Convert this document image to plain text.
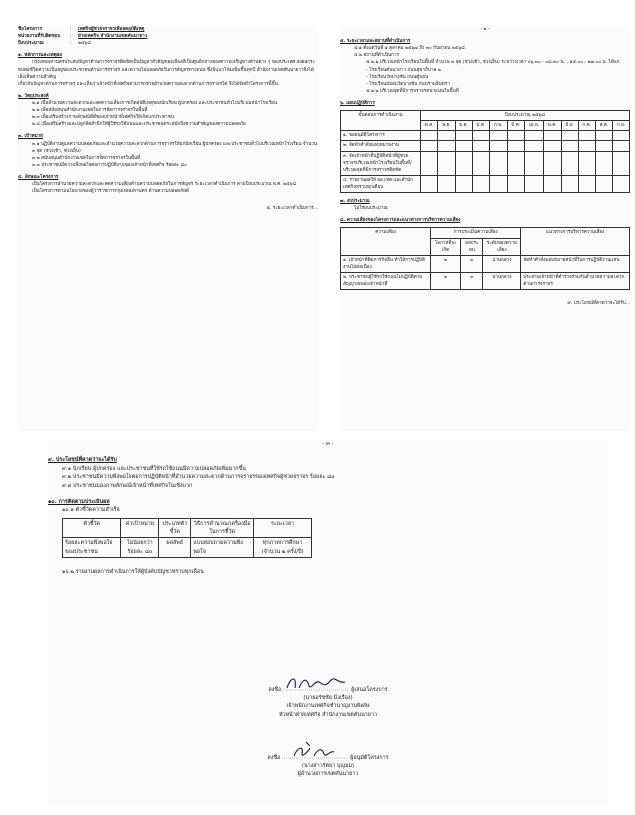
ชื่อโครงการ	:	เทศกิจผู้ช่วยจราจรเพื่อลดอุบัติเหตุ
หน่วยงานที่รับผิดชอบ	:	ฝ่ายเทศกิจ สำนักงานเขตคันนายาว
ปีงบประมาณ	:	๒๕๖๘
๑. หลักการและเหตุผล

กรุงเทพมหานครประสบปัญหาด้านการจราจรติดขัดเป็นปัญหาสำคัญของเมืองที่เป็นศูนย์กลางของความเจริญทางด้านต่าง ๆ ของประเทศ ส่งผลกระทบต่อชีวิตความเป็นอยู่ของประชาชนด้านการจราจร และความไม่ปลอดภัยในการสัญจรทางถนน ซึ่งมีแนวโน้มเพิ่มขึ้นทุกปี สำนักงานเขตคันนายาวจึงได้เล็งเห็นความสำคัญ

เกี่ยวกับปัญหาด้านการจราจร และเห็นว่าเจ้าหน้าที่เทศกิจสามารถช่วยอำนวยความสะดวกด้านการจราจรได้ จึงได้จัดทำโครงการนี้ขึ้น

๒. วัตถุประสงค์

๒.๑ เพื่ออำนวยความสะดวกและลดความเสี่ยงการเกิดอุบัติเหตุของนักเรียน ผู้ปกครอง และประชาชนทั่วไปบริเวณหน้าโรงเรียน

๒.๒ เพื่อสนับสนุนสำนักงานเขตในการจัดการจราจรในพื้นที่

๒.๓ เพื่อเสริมสร้างภาพลักษณ์ที่ดีของเจ้าหน้าที่เทศกิจให้เกิดแก่ประชาชน

๒.๔ เพื่อเสริมสร้างและปลูกจิตสำนึกให้ผู้ใช้รถใช้ถนนและประชาชนตระหนักถึงความสำคัญของความปลอดภัย

๓. เป้าหมาย

๓.๑ ปฏิบัติงานดูแลความปลอดภัยและอำนวยความสะดวกด้านการจราจรให้แก่นักเรียน ผู้ปกครอง และประชาชนทั่วไปบริเวณหน้าโรงเรียน จำนวน ๓ จุด (ช่วงเช้า, ช่วงเย็น)

๓.๒ สนับสนุนสำนักงานเขตในการจัดการจราจรในพื้นที่

๓.๓ ประชาชนมีความพึงพอใจต่อการปฏิบัติงานของเจ้าหน้าที่เทศกิจ ร้อยละ ๘๐

๔. ลักษณะโครงการ

เป็นโครงการอำนวยความสะดวกและลดความเสี่ยงด้านความปลอดภัยในการสัญจร ระยะเวลาดำเนินการ ตามปีงบประมาณ พ.ศ. ๒๕๖๘

เป็นโครงการตามนโยบายของผู้ว่าราชการกรุงเทพมหานคร ด้านความปลอดภัยดี

๕. ระยะเวลาดำเนินการ...
- ๒ -
๕. ระยะเวลาและสถานที่ดำเนินการ

๕.๑ ตั้งแต่วันที่ ๑ ตุลาคม ๒๕๖๗ ถึง ๓๐ กันยายน ๒๕๖๘

๕.๒ สถานที่ดำเนินการ

๕.๒.๑ บริเวณหน้าโรงเรียนในพื้นที่ จำนวน ๓ จุด (ช่วงเช้า, ช่วงเย็น) ระหว่างเวลา ๐๖.๓๐ - ๐๘.๓๐ น. , ๑๕.๐๐ - ๑๗.๐๐ น. ได้แก่

- โรงเรียนคันนายาว ถนนสุขาภิบาล ๒

- โรงเรียนวัดบางชัน ถนนคู้บอน

- โรงเรียนมัธยมวัดบางชัน ถนนรามอินทรา

๕.๒.๒ บริเวณจุดที่มีการจราจรหนาแน่นในพื้นที่

๖. แผนปฏิบัติการ
ขั้นตอนการดำเนินงาน	ปีงบประมาณ ๒๕๖๘											
	ต.ค.	พ.ย.	ธ.ค.	ม.ค.	ก.พ.	มี.ค.	เม.ย.	พ.ค.	มิ.ย.	ก.ค.	ส.ค.	ก.ย.
๑. ขออนุมัติโครงการ												
๒. จัดทำคำสั่งมอบหมายงาน												
๓. จัดเจ้าหน้าที่ปฏิบัติหน้าที่ผู้ช่วยจราจรบริเวณหน้าโรงเรียนในพื้นที่/บริเวณจุดที่มีการจราจรติดขัด												
๔. รายงานผลให้ ผอ.เขต และสำนักเทศกิจทราบทุกเดือน												
๗. งบประมาณ

ไม่ใช้งบประมาณ

๘. ความเสี่ยงของโครงการและแนวทางการบริหารความเสี่ยง
ความเสี่ยง	การประเมินความเสี่ยง			แนวทางการบริหารความเสี่ยง
	โอกาสที่จะเกิด	ผลกระทบ	ระดับของความเสี่ยง	
๑. เจ้าหน้าที่ติดภารกิจอื่น ทำให้การปฏิบัติงานไม่ต่อเนื่อง	๒	๓	ปานกลาง	จัดทำคำสั่งมอบหมายหน้าที่ในการปฏิบัติงานแทน
๒. ประชาชนผู้ใช้รถใช้ถนนไม่ปฏิบัติตามสัญญาณของเจ้าหน้าที่	๒	๓	ปานกลาง	ประสานเจ้าหน้าที่ตำรวจร่วมกันอำนวยความสะดวกด้านการจราจร
๙. ประโยชน์ที่คาดว่าจะได้รับ...
- ๓ -
๙. ประโยชน์ที่คาดว่าจะได้รับ

๙.๑ นักเรียน ผู้ปกครอง และประชาชนที่ใช้รถใช้ถนนมีความปลอดภัยเพิ่มมากขึ้น

๙.๒ ประชาชนมีความพึงพอใจต่อการปฏิบัติหน้าที่อำนวยความสะดวกด้านการจราจรของเทศกิจผู้ช่วยจราจร ร้อยละ ๘๐

๙.๓ ประชาชนมองภาพลักษณ์เจ้าหน้าที่เทศกิจในเชิงบวก

๑๐. การติดตามประเมินผล

๑๐.๑ ตัวชี้วัดความสำเร็จ

ตัวชี้วัด	ค่าเป้าหมาย	ประเภทตัวชี้วัด	วิธีการคำนวณ/เครื่องมือในการชี้วัด	ระยะเวลา
ร้อยละความพึงพอใจของประชาชน	ไม่น้อยกว่าร้อยละ ๘๐	ผลลัพธ์	แบบสอบถามความพึงพอใจ	ทุกภาคการศึกษา (จำนวน ๒ ครั้ง/ปี)

๑๐.๒ รายงานผลการดำเนินการให้ผู้บังคับบัญชาทราบทุกเดือน

ลงชื่อ	ผู้เสนอโครงการ
(นายอรัชชัย มิ่งเรือง)
เจ้าพนักงานเทศกิจชำนาญงานพิเศษ
หัวหน้าฝ่ายเทศกิจ สำนักงานเขตคันนายาว
ลงชื่อ	ผู้อนุมัติโครงการ
(นางสาวรัตยา บุญมม)
ผู้อำนวยการเขตคันนายาว
